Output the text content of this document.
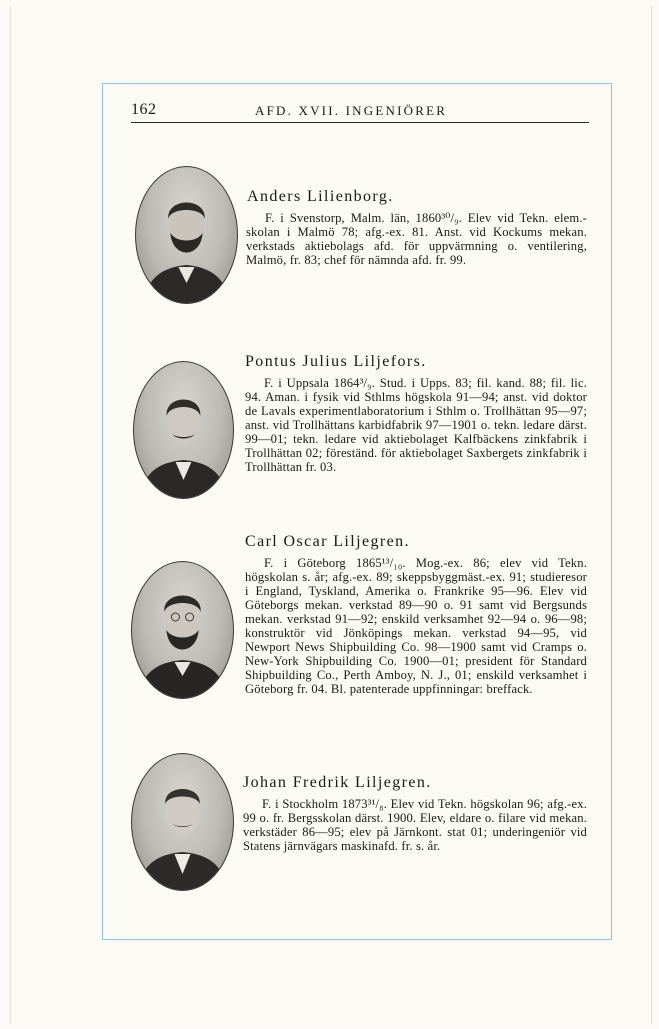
162	AFD. XVII. INGENIÖRER
Anders Lilienborg.
F. i Svenstorp, Malm. län, 1860³⁰/₉. Elev vid Tekn. elem.-skolan i Malmö 78; afg.-ex. 81. Anst. vid Kockums mekan. verkstads aktiebolags afd. för uppvärmning o. ventilering, Malmö, fr. 83; chef för nämnda afd. fr. 99.
Pontus Julius Liljefors.
F. i Uppsala 1864³/₉. Stud. i Upps. 83; fil. kand. 88; fil. lic. 94. Aman. i fysik vid Sthlms högskola 91—94; anst. vid doktor de Lavals experimentlaboratorium i Sthlm o. Trollhättan 95—97; anst. vid Trollhättans karbidfabrik 97—1901 o. tekn. ledare därst. 99—01; tekn. ledare vid aktiebolaget Kalfbäckens zinkfabrik i Trollhättan 02; föreständ. för aktiebolaget Saxbergets zinkfabrik i Trollhättan fr. 03.
Carl Oscar Liljegren.
F. i Göteborg 1865¹³/₁₀. Mog.-ex. 86; elev vid Tekn. högskolan s. år; afg.-ex. 89; skeppsbyggmäst.-ex. 91; studieresor i England, Tyskland, Amerika o. Frankrike 95—96. Elev vid Göteborgs mekan. verkstad 89—90 o. 91 samt vid Bergsunds mekan. verkstad 91—92; enskild verksamhet 92—94 o. 96—98; konstruktör vid Jönköpings mekan. verkstad 94—95, vid Newport News Shipbuilding Co. 98—1900 samt vid Cramps o. New-York Shipbuilding Co. 1900—01; president för Standard Shipbuilding Co., Perth Amboy, N. J., 01; enskild verksamhet i Göteborg fr. 04. Bl. patenterade uppfinningar: breffack.
Johan Fredrik Liljegren.
F. i Stockholm 1873³¹/₈. Elev vid Tekn. högskolan 96; afg.-ex. 99 o. fr. Bergsskolan därst. 1900. Elev, eldare o. filare vid mekan. verkstäder 86—95; elev på Järnkont. stat 01; underingeniör vid Statens järnvägars maskinafd. fr. s. år.
